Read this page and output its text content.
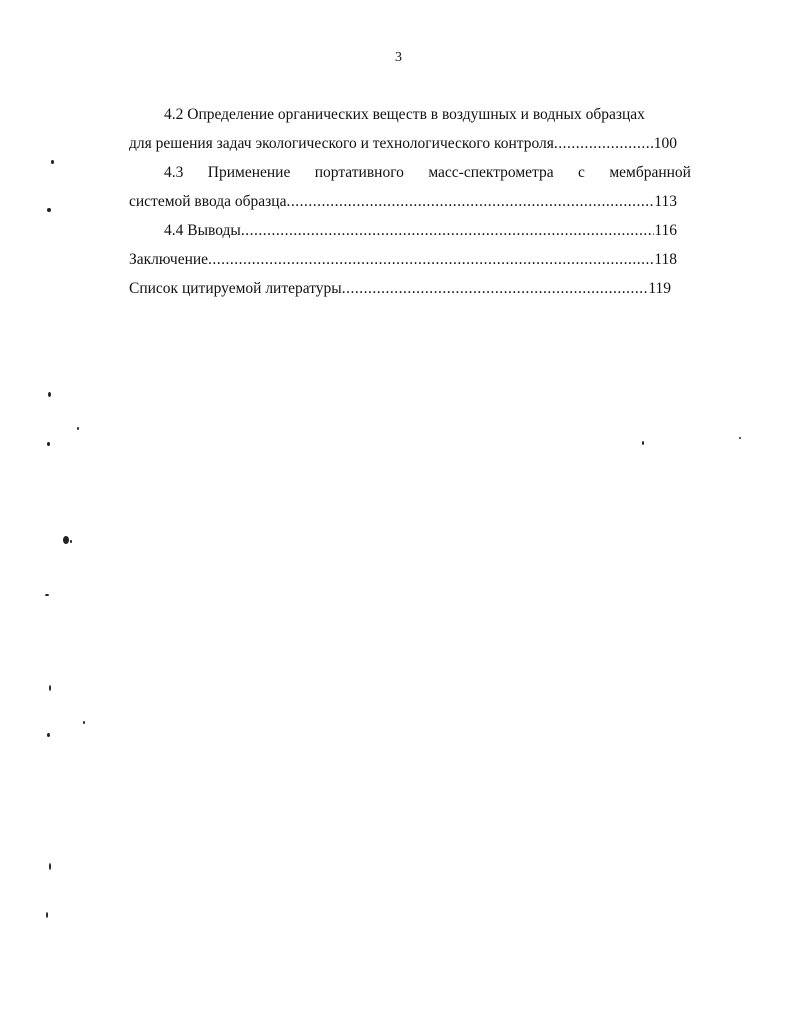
3
4.2 Определение органических веществ в воздушных и водных образцах
для решения задач экологического и технологического контроля .....	100
4.3 Применение портативного масс-спектрометра с мембранной
системой ввода образца .....	113
4.4 Выводы .....	116
Заключение .....	118
Список цитируемой литературы .....	119
